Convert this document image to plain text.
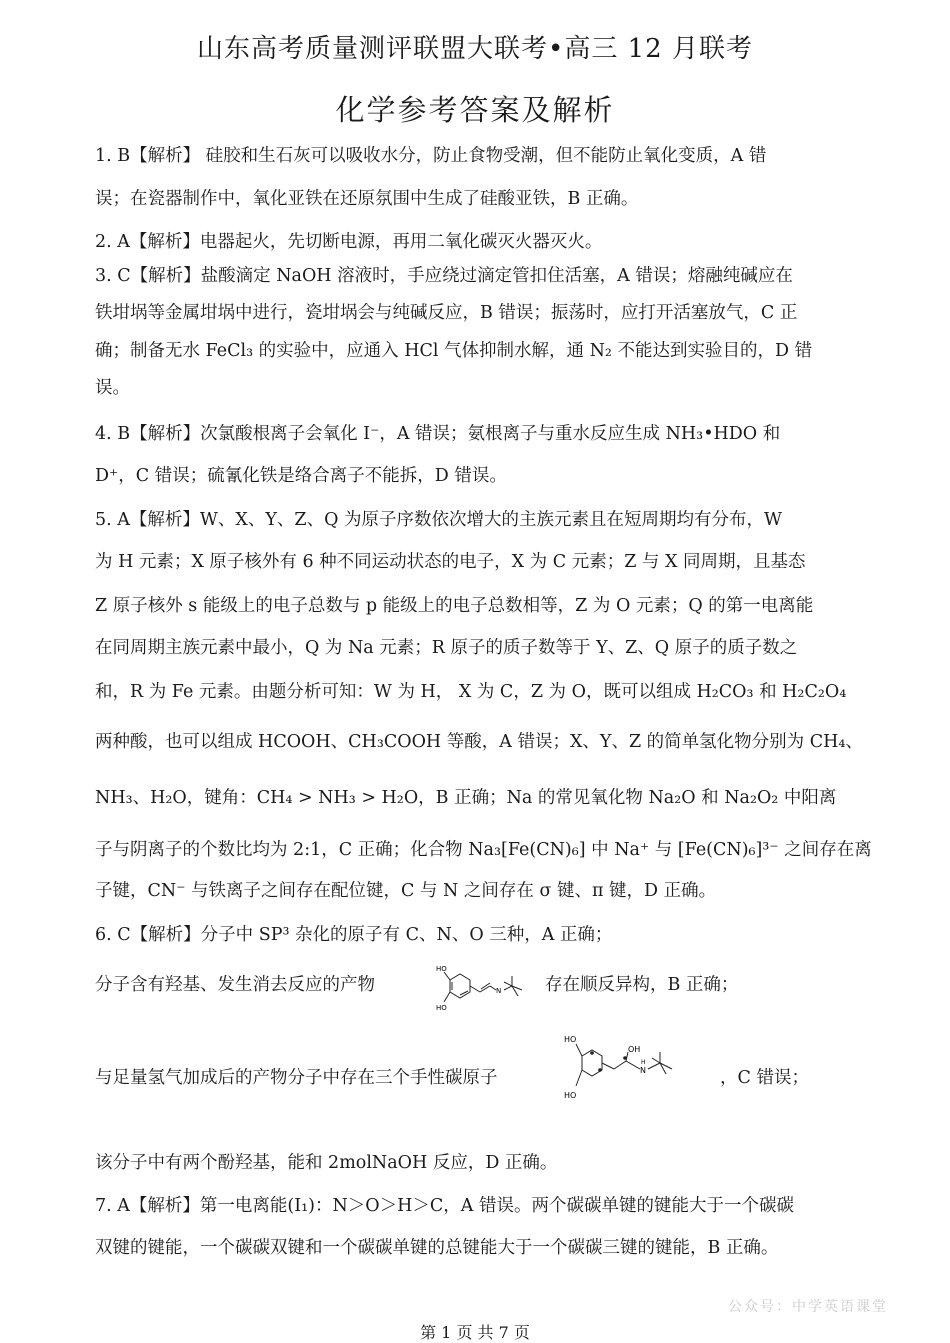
山东高考质量测评联盟大联考•高三 12 月联考
化学参考答案及解析
1. B【解析】 硅胶和生石灰可以吸收水分，防止食物受潮，但不能防止氧化变质，A 错
误；在瓷器制作中，氧化亚铁在还原氛围中生成了硅酸亚铁，B 正确。
2. A【解析】电器起火，先切断电源，再用二氧化碳灭火器灭火。
3. C【解析】盐酸滴定 NaOH 溶液时，手应绕过滴定管扣住活塞，A 错误；熔融纯碱应在
铁坩埚等金属坩埚中进行，瓷坩埚会与纯碱反应，B 错误；振荡时，应打开活塞放气，C 正
确；制备无水 FeCl₃ 的实验中，应通入 HCl 气体抑制水解，通 N₂ 不能达到实验目的，D 错
误。
4. B【解析】次氯酸根离子会氧化 I⁻，A 错误；氨根离子与重水反应生成 NH₃•HDO 和
D⁺，C 错误；硫氰化铁是络合离子不能拆，D 错误。
5. A【解析】W、X、Y、Z、Q 为原子序数依次增大的主族元素且在短周期均有分布，W
为 H 元素；X 原子核外有 6 种不同运动状态的电子，X 为 C 元素；Z 与 X 同周期，且基态
Z 原子核外 s 能级上的电子总数与 p 能级上的电子总数相等，Z 为 O 元素；Q 的第一电离能
在同周期主族元素中最小，Q 为 Na 元素；R 原子的质子数等于 Y、Z、Q 原子的质子数之
和，R 为 Fe 元素。由题分析可知：W 为 H， X 为 C，Z 为 O，既可以组成 H₂CO₃ 和 H₂C₂O₄
两种酸，也可以组成 HCOOH、CH₃COOH 等酸，A 错误；X、Y、Z 的简单氢化物分别为 CH₄、
NH₃、H₂O，键角：CH₄ > NH₃ > H₂O，B 正确；Na 的常见氧化物 Na₂O 和 Na₂O₂ 中阳离
子与阴离子的个数比均为 2:1，C 正确；化合物 Na₃[Fe(CN)₆] 中 Na⁺ 与 [Fe(CN)₆]³⁻ 之间存在离
子键，CN⁻ 与铁离子之间存在配位键，C 与 N 之间存在 σ 键、π 键，D 正确。
6. C【解析】分子中 SP³ 杂化的原子有 C、N、O 三种，A 正确；
分子含有羟基、发生消去反应的产物	存在顺反异构，B 正确；
与足量氢气加成后的产物分子中存在三个手性碳原子	，C 错误；
该分子中有两个酚羟基，能和 2molNaOH 反应，D 正确。
7. A【解析】第一电离能(I₁)：N＞O＞H＞C，A 错误。两个碳碳单键的键能大于一个碳碳
双键的键能，一个碳碳双键和一个碳碳单键的总键能大于一个碳碳三键的键能，B 正确。
HO
HO
N
HO
HO
OH
N
H
公众号：中学英语课堂
第 1 页 共 7 页
